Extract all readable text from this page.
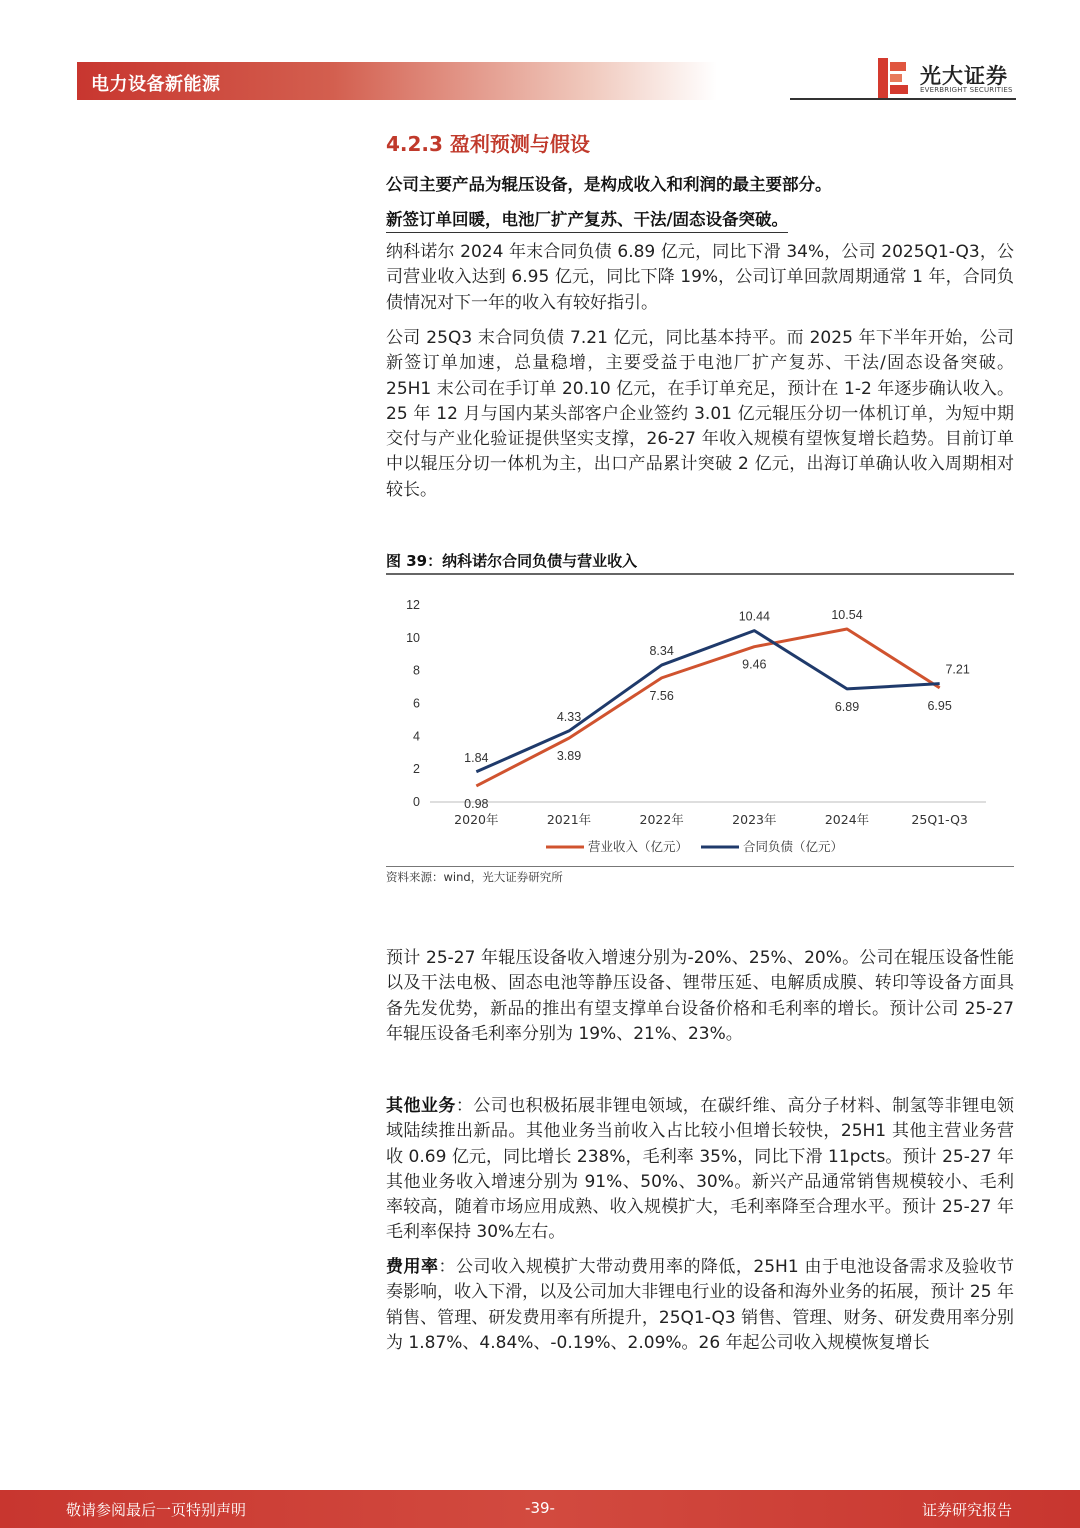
电力设备新能源	光大证券
EVERBRIGHT SECURITIES
4.2.3 盈利预测与假设
公司主要产品为辊压设备，是构成收入和利润的最主要部分。
新签订单回暖，电池厂扩产复苏、干法/固态设备突破。

纳科诺尔 2024 年末合同负债 6.89 亿元，同比下滑 34%，公司 2025Q1-Q3，公司营业收入达到 6.95 亿元，同比下降 19%，公司订单回款周期通常 1 年，合同负债情况对下一年的收入有较好指引。

公司 25Q3 末合同负债 7.21 亿元，同比基本持平。而 2025 年下半年开始，公司新签订单加速，总量稳增，主要受益于电池厂扩产复苏、干法/固态设备突破。25H1 末公司在手订单 20.10 亿元，在手订单充足，预计在 1-2 年逐步确认收入。25 年 12 月与国内某头部客户企业签约 3.01 亿元辊压分切一体机订单，为短中期交付与产业化验证提供坚实支撑，26-27 年收入规模有望恢复增长趋势。目前订单中以辊压分切一体机为主，出口产品累计突破 2 亿元，出海订单确认收入周期相对较长。

图 39：纳科诺尔合同负债与营业收入
0
2
4
6
8
10
12
2020年	2021年	2022年	2023年	2024年	25Q1-Q3
0.98
3.89
7.56
9.46
10.54
6.95
1.84
4.33
8.34
10.44
6.89
7.21
营业收入（亿元）	合同负债（亿元）
资料来源：wind，光大证券研究所

预计 25-27 年辊压设备收入增速分别为-20%、25%、20%。公司在辊压设备性能以及干法电极、固态电池等静压设备、锂带压延、电解质成膜、转印等设备方面具备先发优势，新品的推出有望支撑单台设备价格和毛利率的增长。预计公司 25-27 年辊压设备毛利率分别为 19%、21%、23%。

其他业务：公司也积极拓展非锂电领域，在碳纤维、高分子材料、制氢等非锂电领域陆续推出新品。其他业务当前收入占比较小但增长较快，25H1 其他主营业务营收 0.69 亿元，同比增长 238%，毛利率 35%，同比下滑 11pcts。预计 25-27 年其他业务收入增速分别为 91%、50%、30%。新兴产品通常销售规模较小、毛利率较高，随着市场应用成熟、收入规模扩大，毛利率降至合理水平。预计 25-27 年毛利率保持 30%左右。

费用率：公司收入规模扩大带动费用率的降低，25H1 由于电池设备需求及验收节奏影响，收入下滑，以及公司加大非锂电行业的设备和海外业务的拓展，预计 25 年销售、管理、研发费用率有所提升，25Q1-Q3 销售、管理、财务、研发费用率分别为 1.87%、4.84%、-0.19%、2.09%。26 年起公司收入规模恢复增长

敬请参阅最后一页特别声明	-39-	证券研究报告
